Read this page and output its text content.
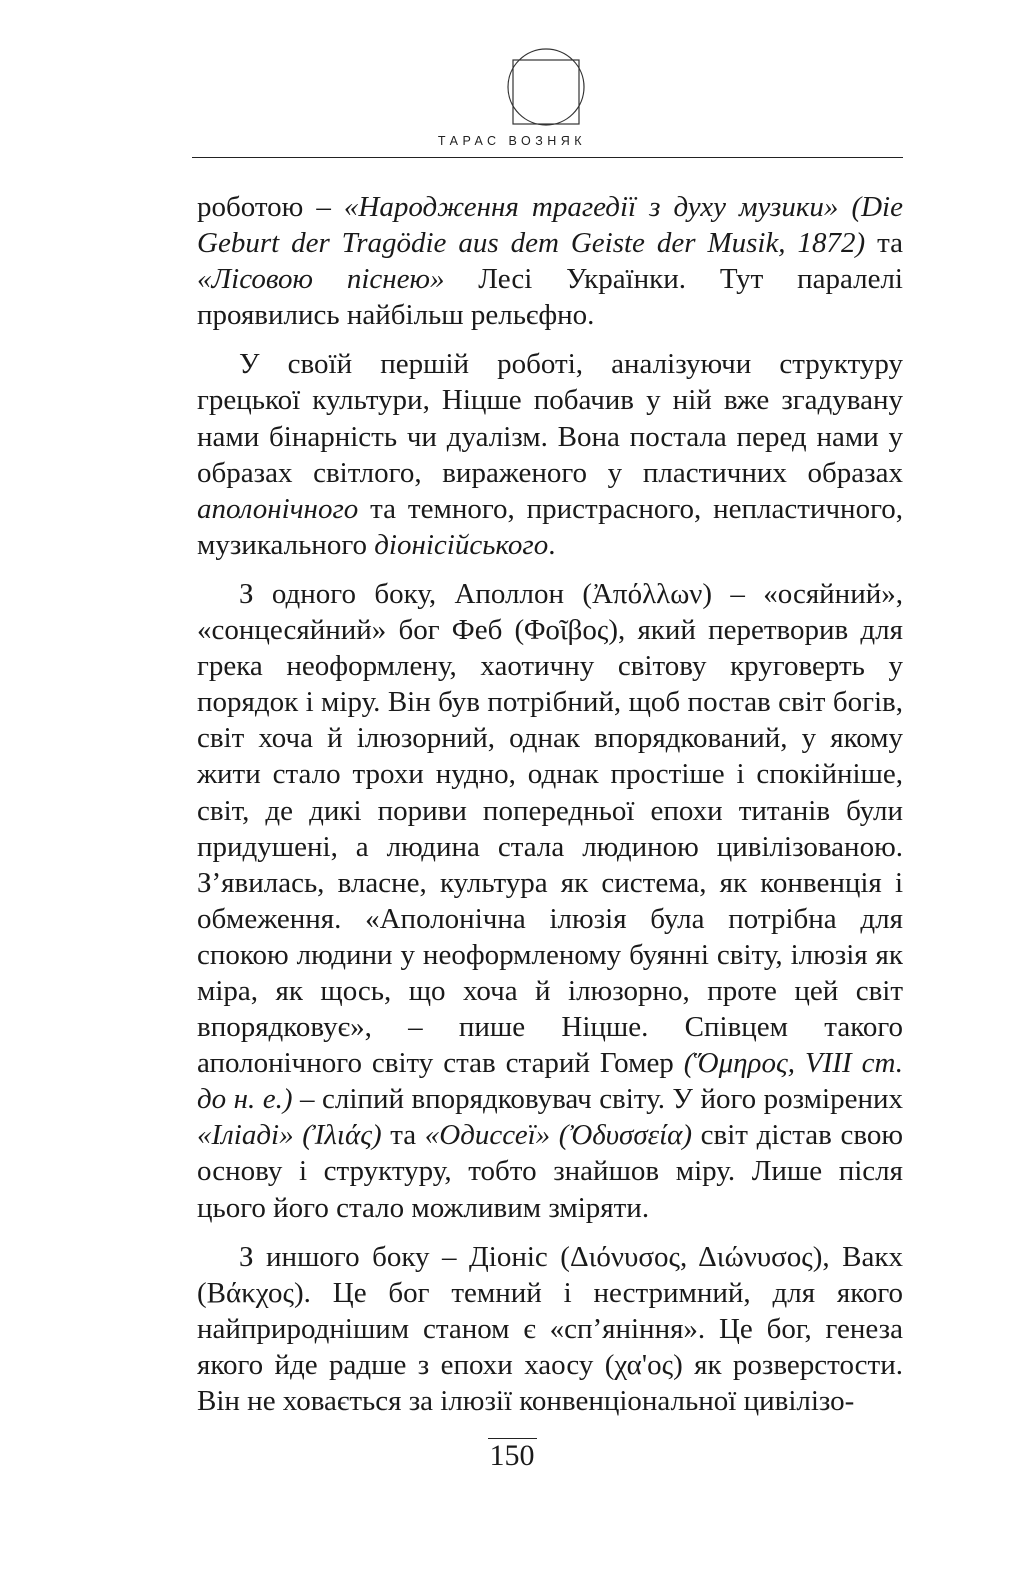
ТАРАС ВОЗНЯК

роботою – «Народження трагедії з духу музики» (Die Geburt der Tragödie aus dem Geiste der Musik, 1872) та «Лісовою піснею» Лесі Українки. Тут паралелі проявились найбільш рельєфно.

У своїй першій роботі, аналізуючи структуру грецької культури, Ніцше побачив у ній вже згадувану нами бінарність чи дуалізм. Вона постала перед нами у образах світлого, вираженого у пластичних образах аполонічного та темного, пристрасного, непластичного, музикального діонісійського.

З одного боку, Аполлон (Ἀπόλλων) – «осяйний», «сонцесяйний» бог Феб (Φοῖβος), який перетворив для грека неоформлену, хаотичну світову круговерть у порядок і міру. Він був потрібний, щоб постав світ богів, світ хоча й ілюзорний, однак впорядкований, у якому жити стало трохи нудно, однак простіше і спокійніше, світ, де дикі пориви попередньої епохи титанів були придушені, а людина стала людиною цивілізованою. З’явилась, власне, культура як система, як конвенція і обмеження. «Аполонічна ілюзія була потрібна для спокою людини у неоформленому буянні світу, ілюзія як міра, як щось, що хоча й ілюзорно, проте цей світ впорядковує», – пише Ніцше. Співцем такого аполонічного світу став старий Гомер (Ὅμηρος, VIII ст. до н. е.) – сліпий впорядковувач світу. У його розмірених «Іліаді» (Ἰλιάς) та «Одиссеї» (Ὀδυσσεία) світ дістав свою основу і структуру, тобто знайшов міру. Лише після цього його стало можливим зміряти.

З иншого боку – Діоніс (Διόνυσος, Διώνυσος), Вакх (Βάκχος). Це бог темний і нестримний, для якого найприроднішим станом є «сп’яніння». Це бог, генеза якого йде радше з епохи хаосу (χα'ος) як розверстости. Він не ховається за ілюзії конвенціональної цивілізо-

150
